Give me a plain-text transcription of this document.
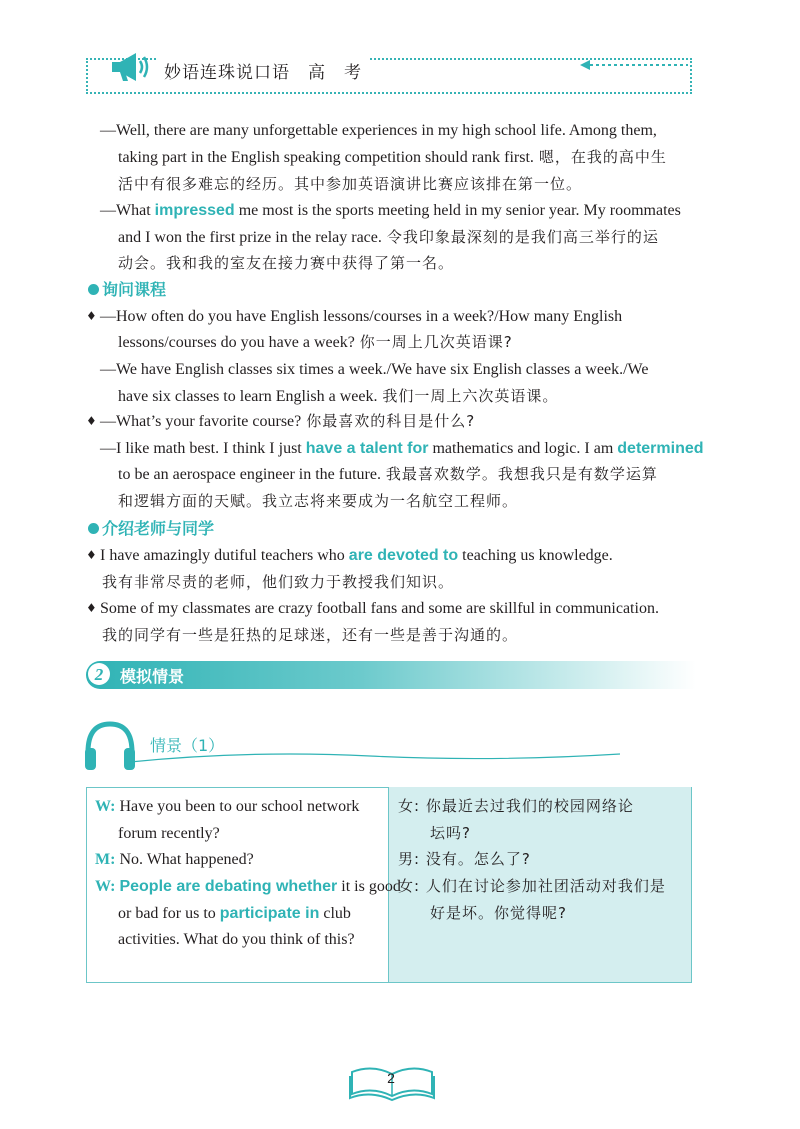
妙语连珠说口语　高　考
—Well, there are many unforgettable experiences in my high school life. Among them,
taking part in the English speaking competition should rank first. 嗯，在我的高中生
活中有很多难忘的经历。其中参加英语演讲比赛应该排在第一位。
—What impressed me most is the sports meeting held in my senior year. My roommates
and I won the first prize in the relay race. 令我印象最深刻的是我们高三举行的运
动会。我和我的室友在接力赛中获得了第一名。
询问课程
♦ —How often do you have English lessons/courses in a week?/How many English
lessons/courses do you have a week? 你一周上几次英语课?
—We have English classes six times a week./We have six English classes a week./We
have six classes to learn English a week. 我们一周上六次英语课。
♦ —What’s your favorite course? 你最喜欢的科目是什么?
—I like math best. I think I just have a talent for mathematics and logic. I am determined
to be an aerospace engineer in the future. 我最喜欢数学。我想我只是有数学运算
和逻辑方面的天赋。我立志将来要成为一名航空工程师。
介绍老师与同学
♦ I have amazingly dutiful teachers who are devoted to teaching us knowledge.
我有非常尽责的老师，他们致力于教授我们知识。
♦ Some of my classmates are crazy football fans and some are skillful in communication.
我的同学有一些是狂热的足球迷，还有一些是善于沟通的。
2	模拟情景
情景（1）
W: Have you been to our school network
forum recently?
M: No. What happened?
W: People are debating whether it is good
or bad for us to participate in club
activities. What do you think of this?
女: 你最近去过我们的校园网络论
坛吗?
男: 没有。怎么了?
女: 人们在讨论参加社团活动对我们是
好是坏。你觉得呢?
2
